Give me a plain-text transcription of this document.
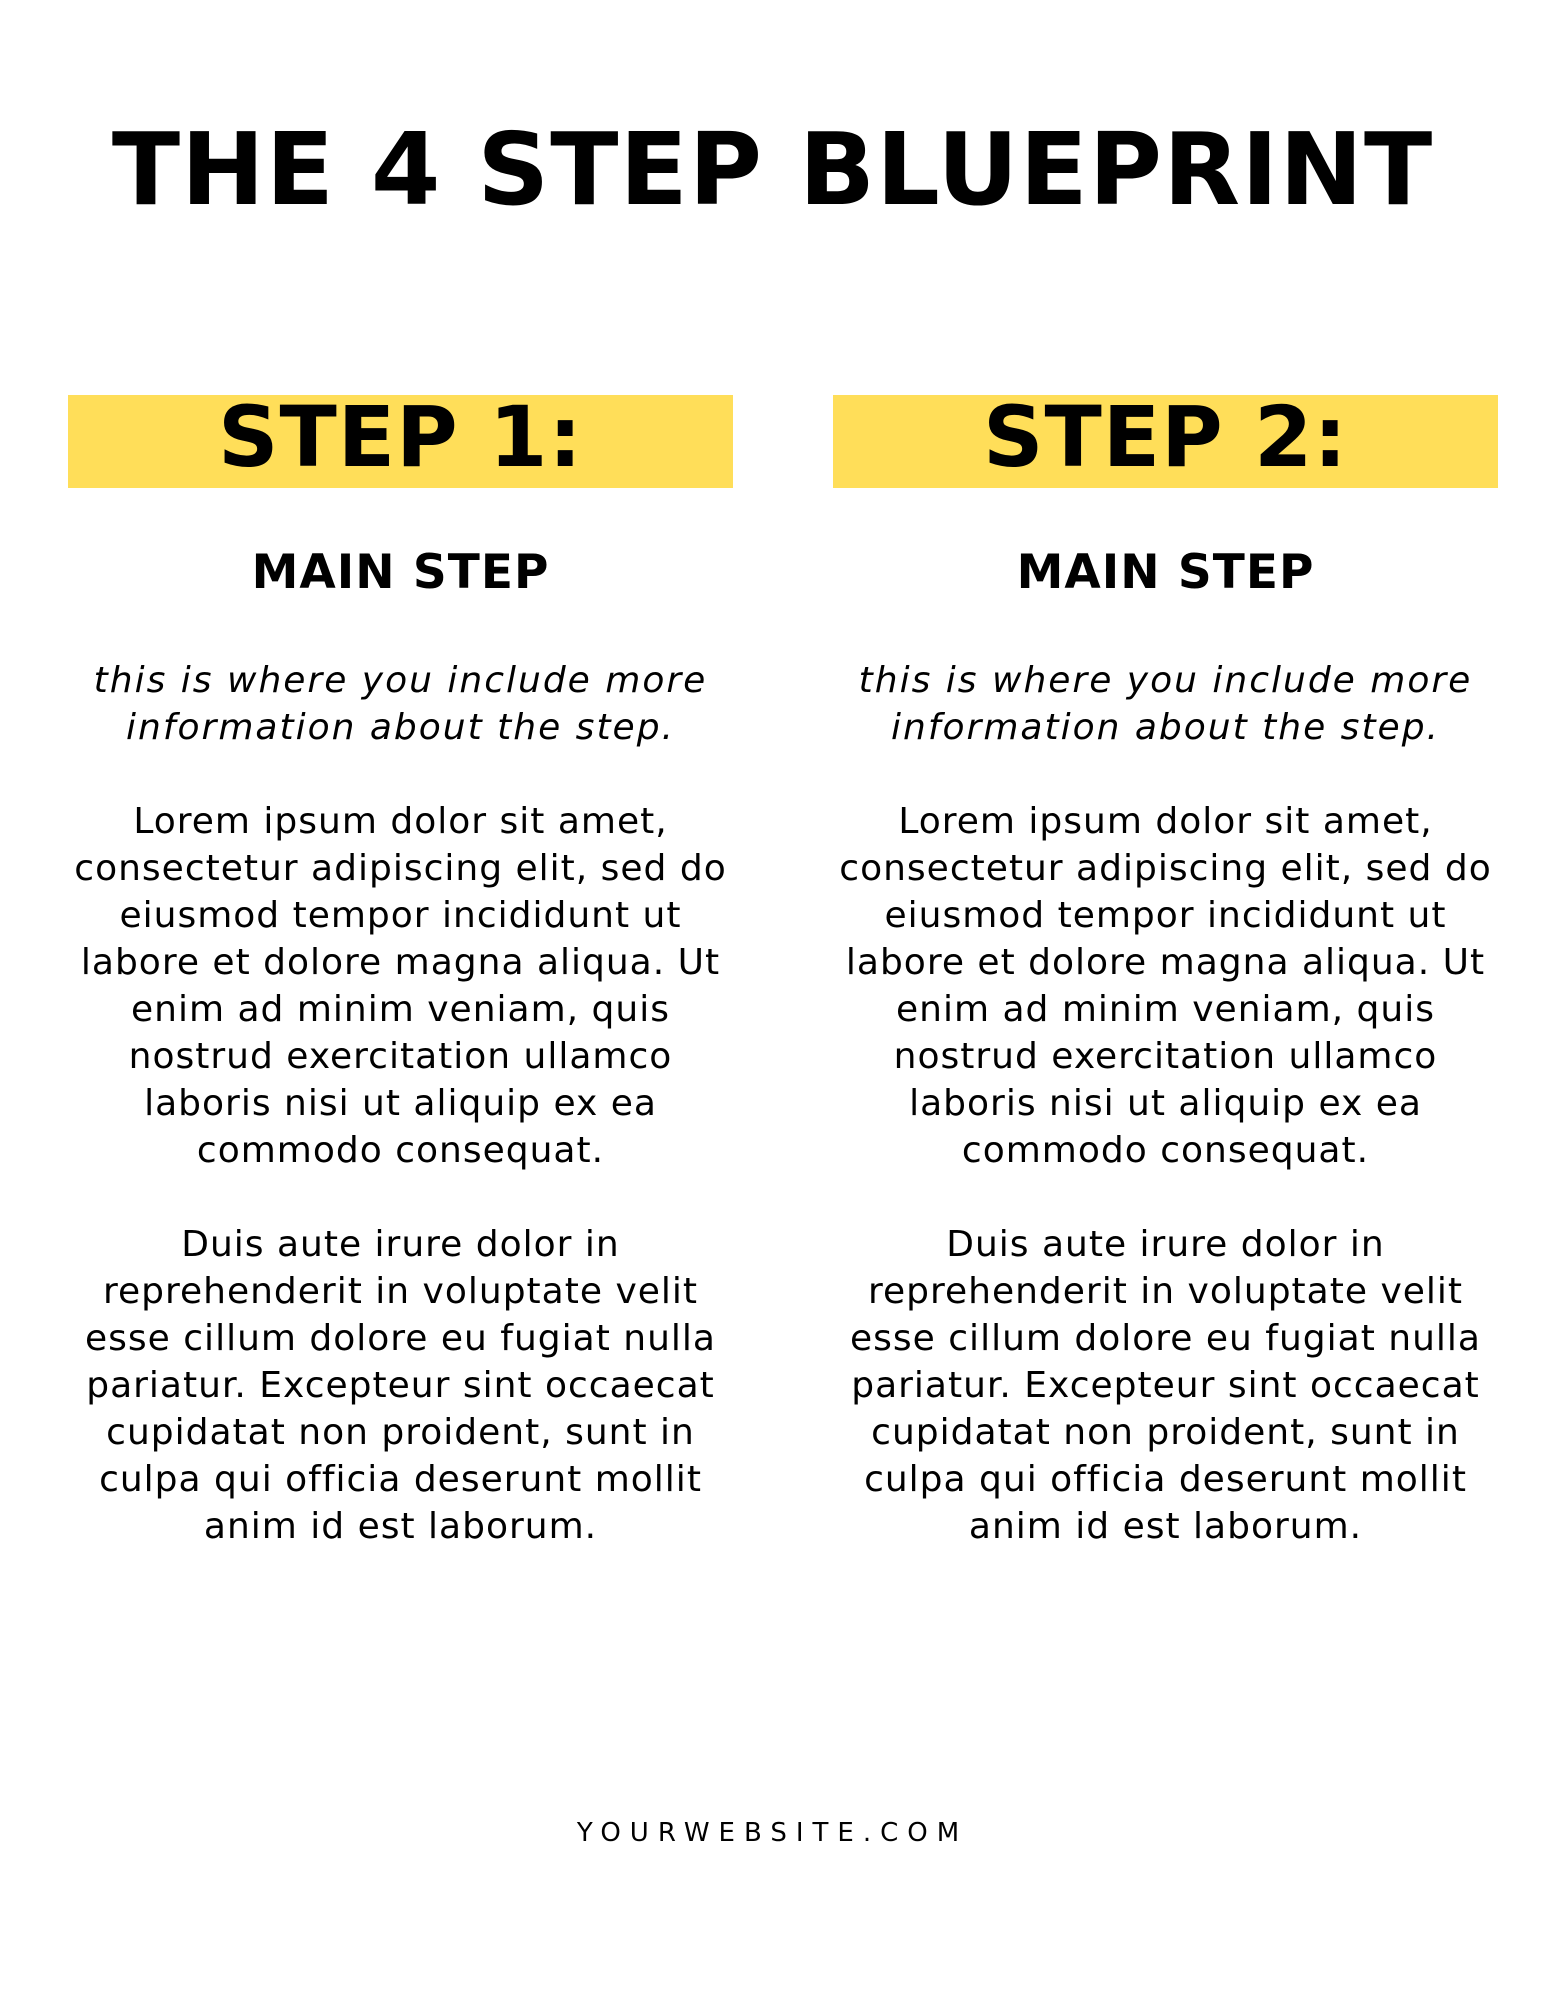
THE 4 STEP BLUEPRINT
STEP 1:
MAIN STEP
this is where you include more information about the step.
Lorem ipsum dolor sit amet, consectetur adipiscing elit, sed do eiusmod tempor incididunt ut labore et dolore magna aliqua. Ut enim ad minim veniam, quis nostrud exercitation ullamco laboris nisi ut aliquip ex ea commodo consequat.
Duis aute irure dolor in reprehenderit in voluptate velit esse cillum dolore eu fugiat nulla pariatur. Excepteur sint occaecat cupidatat non proident, sunt in culpa qui officia deserunt mollit anim id est laborum.
STEP 2:
MAIN STEP
this is where you include more information about the step.
Lorem ipsum dolor sit amet, consectetur adipiscing elit, sed do eiusmod tempor incididunt ut labore et dolore magna aliqua. Ut enim ad minim veniam, quis nostrud exercitation ullamco laboris nisi ut aliquip ex ea commodo consequat.
Duis aute irure dolor in reprehenderit in voluptate velit esse cillum dolore eu fugiat nulla pariatur. Excepteur sint occaecat cupidatat non proident, sunt in culpa qui officia deserunt mollit anim id est laborum.
YOURWEBSITE.COM
